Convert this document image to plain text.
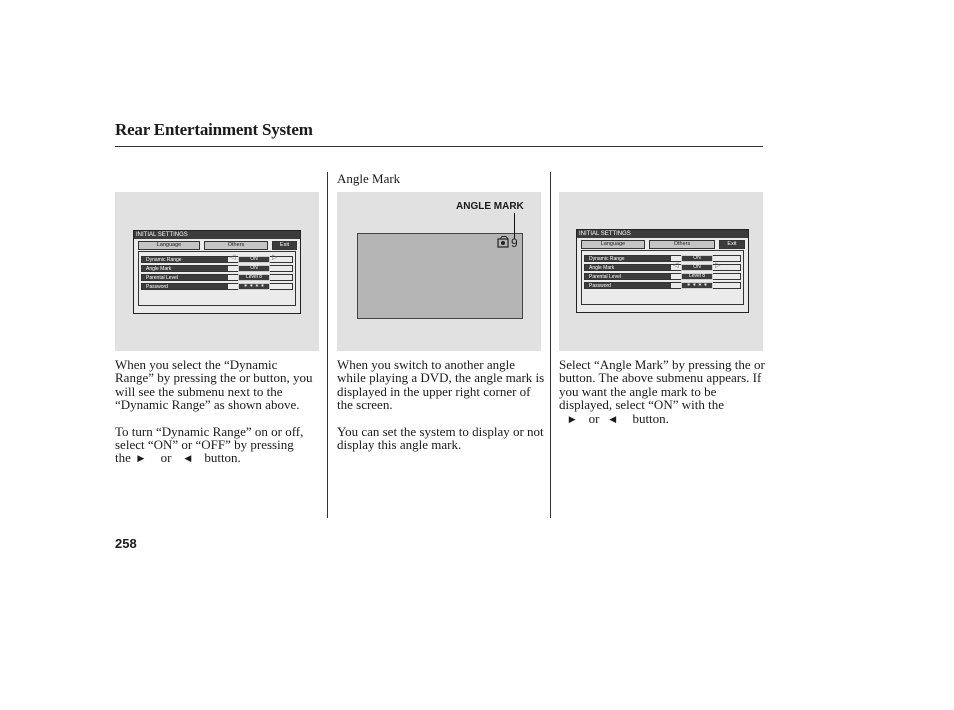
Rear Entertainment System
Angle Mark
INITIAL SETTINGS
Language	Others	Exit
Dynamic Range	◁	ON	▷
Angle Mark	ON
Parental Level	Level 8
Password	∗ ∗ ∗ ∗
ANGLE MARK
9
INITIAL SETTINGS
Language	Others	Exit
Dynamic Range	ON
Angle Mark	◁	ON	▷
Parental Level	Level 8
Password	∗ ∗ ∗ ∗

When you select the “Dynamic Range” by pressing the or button, you will see the submenu next to the “Dynamic Range” as shown above.

To turn “Dynamic Range” on or off, select “ON” or “OFF” by pressing the ▶ or ◀ button.

When you switch to another angle while playing a DVD, the angle mark is displayed in the upper right corner of the screen.

You can set the system to display or not display this angle mark.

Select “Angle Mark” by pressing the or button. The above submenu appears. If you want the angle mark to be displayed, select “ON” with the
▶ or ◀ button.

258
